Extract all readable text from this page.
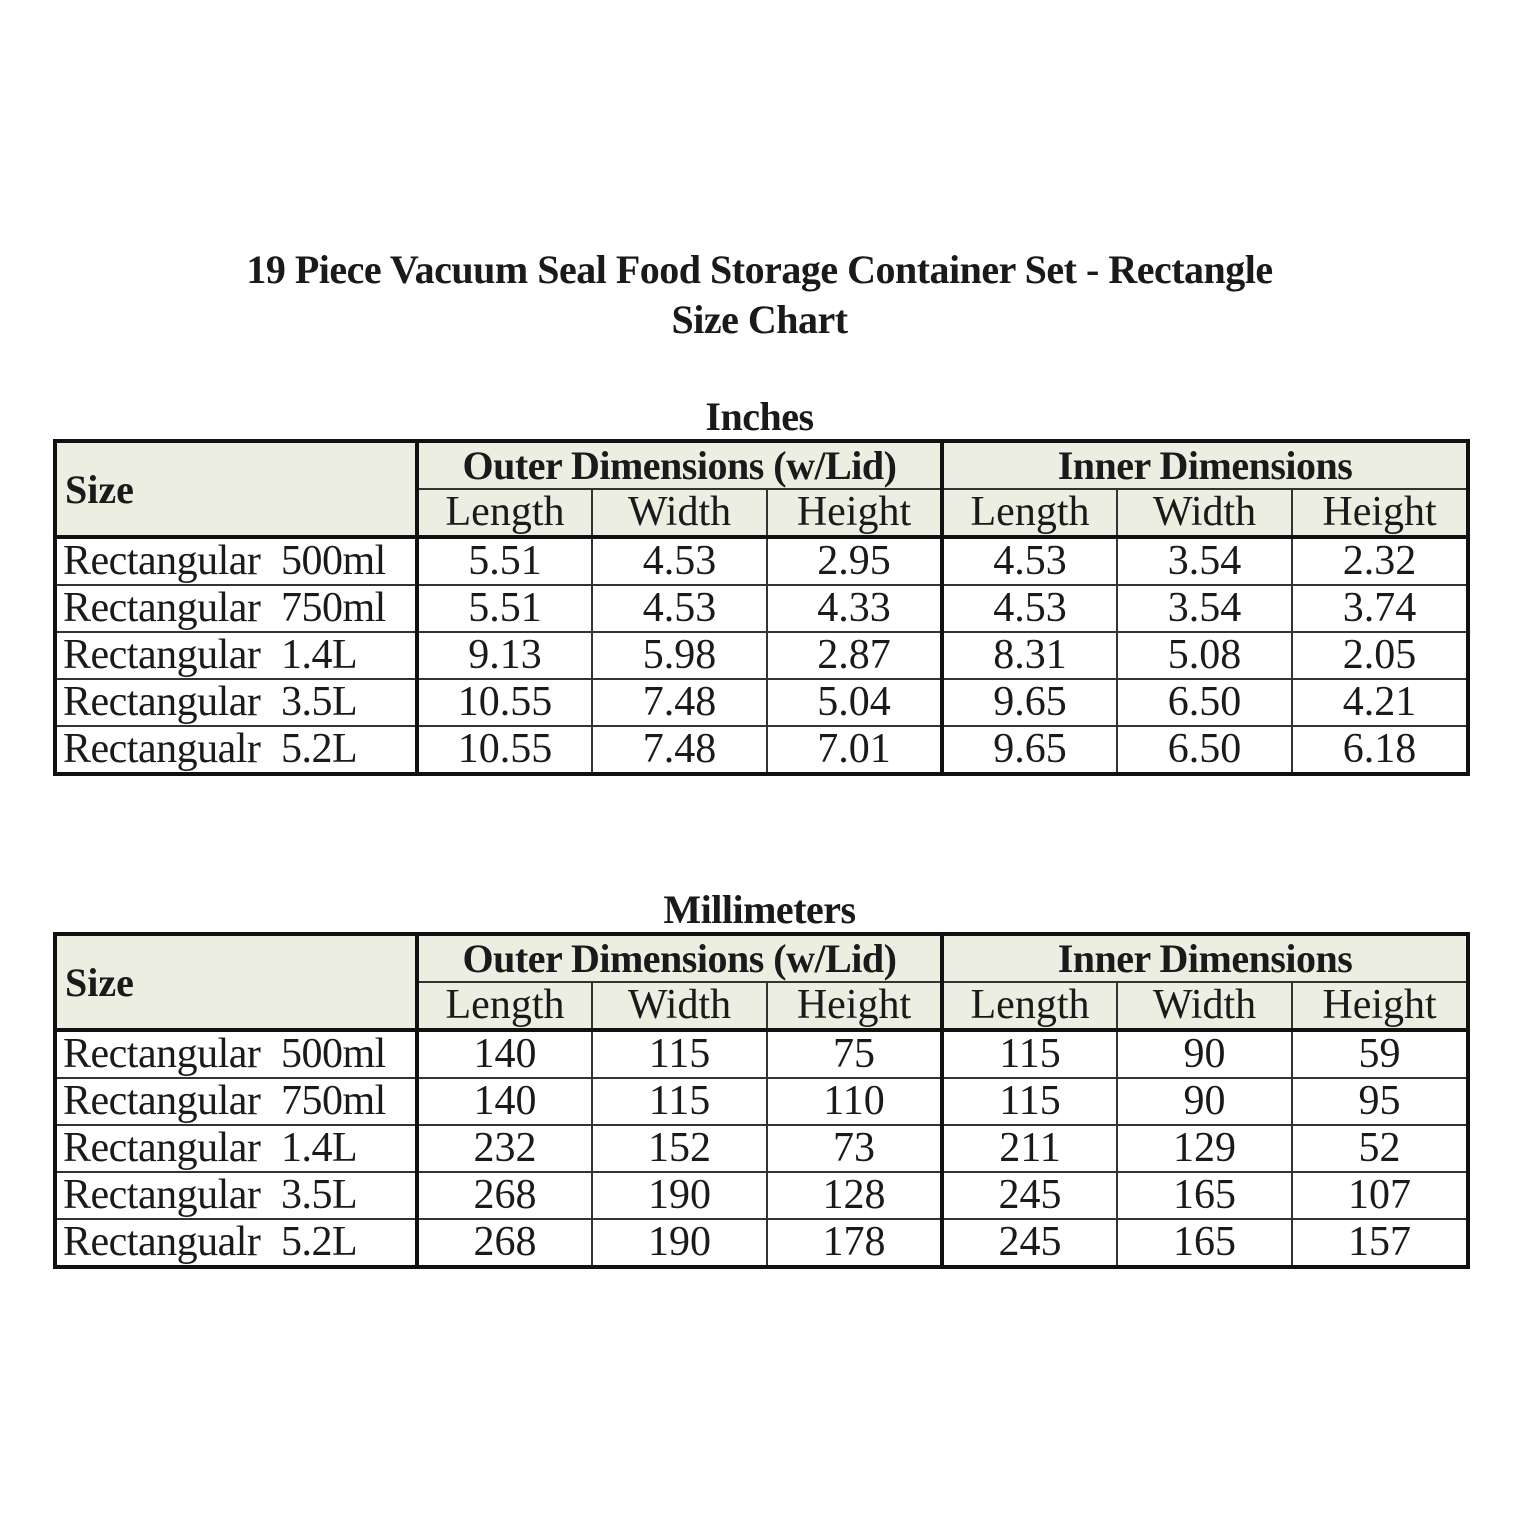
19 Piece Vacuum Seal Food Storage Container Set - Rectangle
Size Chart
Inches
Size	Outer Dimensions (w/Lid)			Inner Dimensions		
	Length	Width	Height	Length	Width	Height
Rectangular 500ml	5.51	4.53	2.95	4.53	3.54	2.32
Rectangular 750ml	5.51	4.53	4.33	4.53	3.54	3.74
Rectangular 1.4L	9.13	5.98	2.87	8.31	5.08	2.05
Rectangular 3.5L	10.55	7.48	5.04	9.65	6.50	4.21
Rectangualr 5.2L	10.55	7.48	7.01	9.65	6.50	6.18
Millimeters
Size	Outer Dimensions (w/Lid)			Inner Dimensions		
	Length	Width	Height	Length	Width	Height
Rectangular 500ml	140	115	75	115	90	59
Rectangular 750ml	140	115	110	115	90	95
Rectangular 1.4L	232	152	73	211	129	52
Rectangular 3.5L	268	190	128	245	165	107
Rectangualr 5.2L	268	190	178	245	165	157
